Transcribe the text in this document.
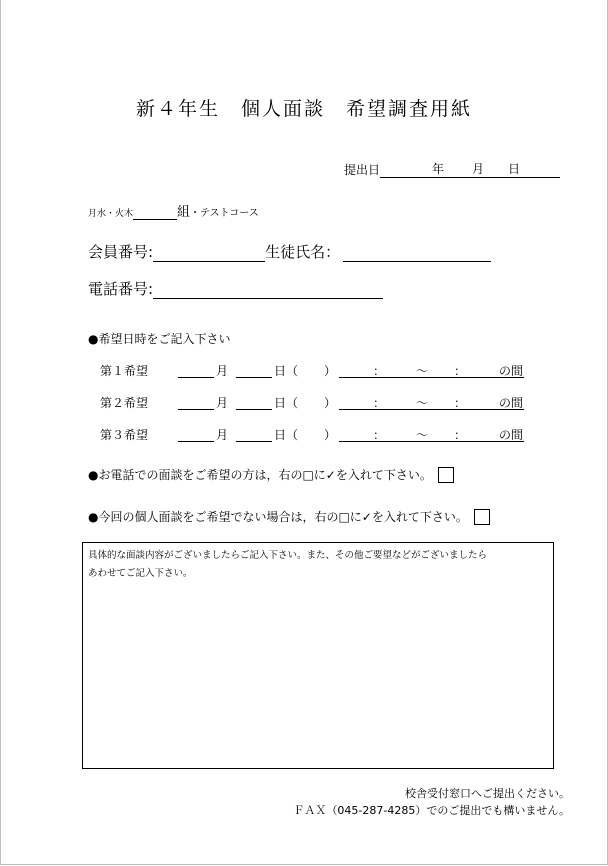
新４年生　個人面談　希望調査用紙
提出日	年 月 日
月水・火木	組・テストコース
会員番号:	生徒氏名：
電話番号:
●希望日時をご記入下さい
第１希望	月	日（ ）	：	～ ：	の間
第２希望	月	日（ ）	：	～ ：	の間
第３希望	月	日（ ）	：	～ ：	の間
●お電話での面談をご希望の方は，右の□に✓を入れて下さい。
●今回の個人面談をご希望でない場合は，右の□に✓を入れて下さい。
具体的な面談内容がございましたらご記入下さい。また、その他ご要望などがございましたら
あわせてご記入下さい。
校舎受付窓口へご提出ください。
ＦＡＸ（045-287-4285）でのご提出でも構いません。
